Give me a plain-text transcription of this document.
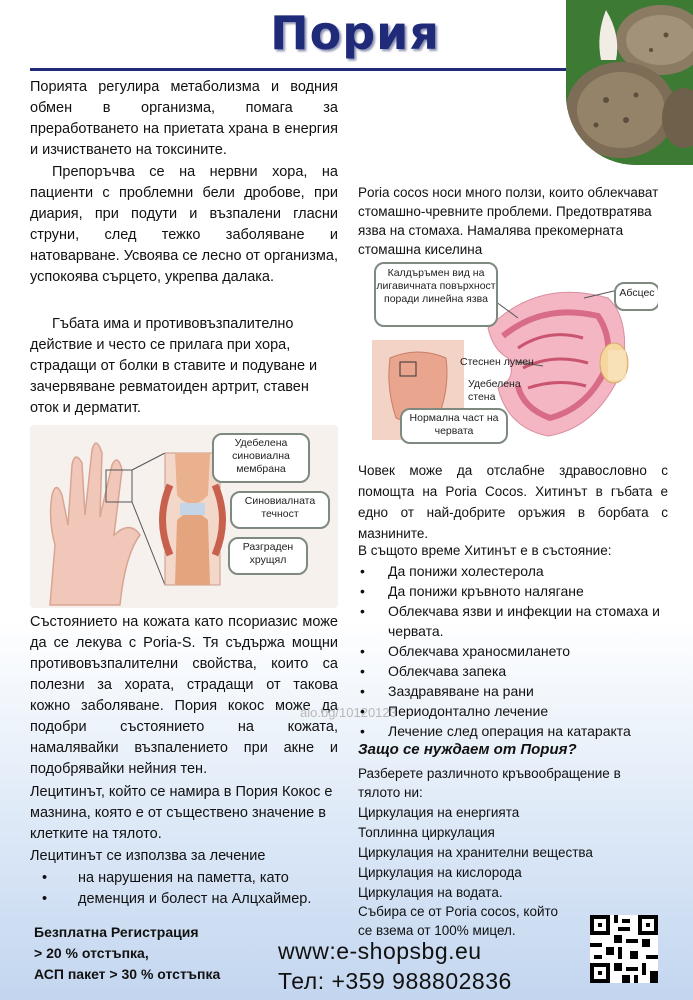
Пория
Порията регулира метаболизма и водния обмен в организма, помага за преработването на приетата храна в енергия и изчистването на токсините.
Препоръчва се на нервни хора, на пациенти с проблемни бели дробове, при диария, при подути и възпалени гласни струни, след тежко заболяване и натоварване. Усвоява се лесно от организма, успокоява сърцето, укрепва далака.
Гъбата има и противовъзпалително действие и често се прилага при хора, страдащи от болки в ставите и подуване и зачервяване ревматоиден артрит, ставен оток и дерматит.
Удебелена синовиална мембрана
Синовиалната течност
Разграден хрущял
Състоянието на кожата като псориазис може да се лекува с Poria-S. Тя съдържа мощни противовъзпалителни свойства, които са полезни за хората, страдащи от такова кожно заболяване. Пория кокос може да подобри състоянието на кожата, намалявайки възпалението при акне и подобрявайки нейния тен.
alo.bg/10120123
Лецитинът, който се намира в Пория Кокос е мазнина, която е от съществено значение в клетките на тялото.
Лецитинът се използва за лечение
• на нарушения на паметта, като
• деменция и болест на Алцхаймер.
Poria cocos носи много ползи, които облекчават стомашно-чревните проблеми. Предотвратява язва на стомаха. Намалява прекомерната стомашна киселина
Калдъръмен вид на лигавичната повърхност поради линейна язва	Абсцес
Стеснен лумен
Удебелена стена
Нормална част на червата
Човек може да отслабне здравословно с помощта на Poria Cocos. Хитинът в гъбата е едно от най-добрите оръжия в борбата с мазнините.
В същото време Хитинът е в състояние:
• Да понижи холестерола
• Да понижи кръвното налягане
• Облекчава язви и инфекции на стомаха и червата.
• Облекчава храносмилането
• Облекчава запека
• Заздравяване на рани
• Периодонтално лечение
• Лечение след операция на катаракта
Защо се нуждаем от Пория?
Разберете различното кръвообращение в тялото ни:
Циркулация на енергията
Топлинна циркулация
Циркулация на хранителни вещества
Циркулация на кислорода
Циркулация на водата.
Събира се от Poria cocos, който се взема от 100% мицел.
Безплатна Регистрация
> 20 % отстъпка,
АСП пакет > 30 % отстъпка
www:e-shopsbg.eu
Тел: +359 988802836
